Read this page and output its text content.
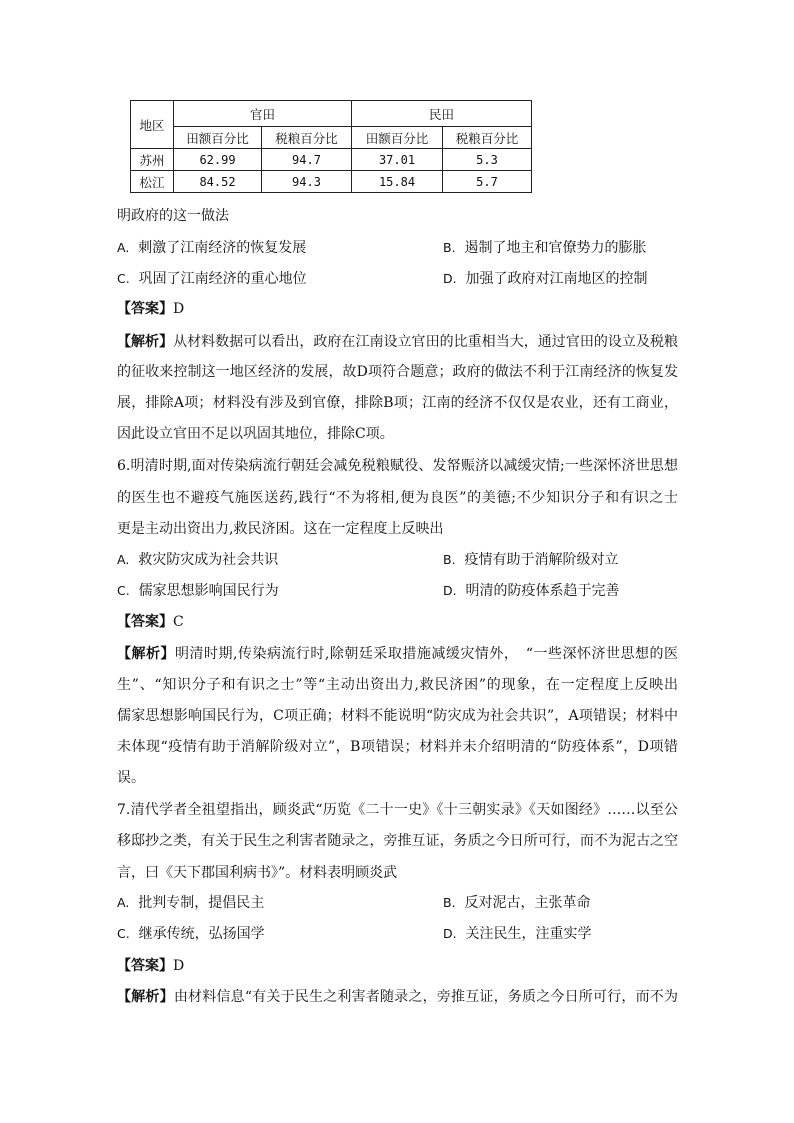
地区	官田		民田	
	田额百分比	税粮百分比	田额百分比	税粮百分比
苏州	62.99	94.7	37.01	5.3
松江	84.52	94.3	15.84	5.7
明政府的这一做法
A. 刺激了江南经济的恢复发展	B. 遏制了地主和官僚势力的膨胀
C. 巩固了江南经济的重心地位	D. 加强了政府对江南地区的控制
【答案】D
【解析】从材料数据可以看出，政府在江南设立官田的比重相当大，通过官田的设立及税粮
的征收来控制这一地区经济的发展，故D项符合题意；政府的做法不利于江南经济的恢复发
展，排除A项；材料没有涉及到官僚，排除B项；江南的经济不仅仅是农业，还有工商业，
因此设立官田不足以巩固其地位，排除C项。
6.明清时期,面对传染病流行朝廷会减免税粮赋役、发帑赈济以减缓灾情;一些深怀济世思想
的医生也不避疫气施医送药,践行“不为将相,便为良医”的美德;不少知识分子和有识之士
更是主动出资出力,救民济困。这在一定程度上反映出
A. 救灾防灾成为社会共识	B. 疫情有助于消解阶级对立
C. 儒家思想影响国民行为	D. 明清的防疫体系趋于完善
【答案】C
【解析】明清时期,传染病流行时,除朝廷采取措施减缓灾情外，　“一些深怀济世思想的医
生”、“知识分子和有识之士”等“主动出资出力,救民济困”的现象，在一定程度上反映出
儒家思想影响国民行为，C项正确；材料不能说明“防灾成为社会共识”，A项错误；材料中
未体现“疫情有助于消解阶级对立”，B项错误；材料并未介绍明清的“防疫体系”，D项错
误。
7.清代学者全祖望指出，顾炎武“历览《二十一史》《十三朝实录》《天如图经》……以至公
移邸抄之类，有关于民生之利害者随录之，旁推互证，务质之今日所可行，而不为泥古之空
言，曰《天下郡国利病书》”。材料表明顾炎武
A. 批判专制，提倡民主	B. 反对泥古，主张革命
C. 继承传统，弘扬国学	D. 关注民生，注重实学
【答案】D
【解析】由材料信息“有关于民生之利害者随录之，旁推互证，务质之今日所可行，而不为
